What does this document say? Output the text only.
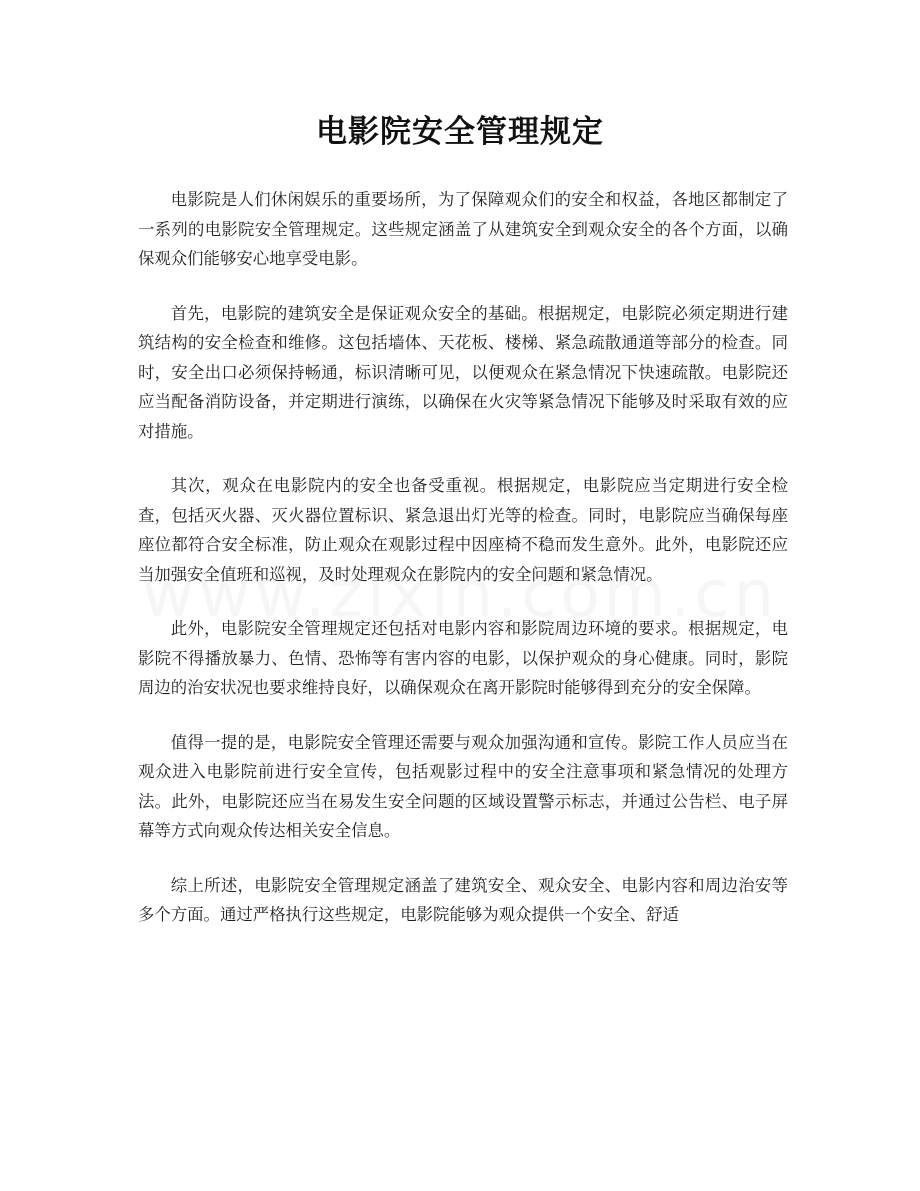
电影院安全管理规定

电影院是人们休闲娱乐的重要场所，为了保障观众们的安全和权益，各地区都制定了一系列的电影院安全管理规定。这些规定涵盖了从建筑安全到观众安全的各个方面，以确保观众们能够安心地享受电影。

首先，电影院的建筑安全是保证观众安全的基础。根据规定，电影院必须定期进行建筑结构的安全检查和维修。这包括墙体、天花板、楼梯、紧急疏散通道等部分的检查。同时，安全出口必须保持畅通，标识清晰可见，以便观众在紧急情况下快速疏散。电影院还应当配备消防设备，并定期进行演练，以确保在火灾等紧急情况下能够及时采取有效的应对措施。

其次，观众在电影院内的安全也备受重视。根据规定，电影院应当定期进行安全检查，包括灭火器、灭火器位置标识、紧急退出灯光等的检查。同时，电影院应当确保每座座位都符合安全标准，防止观众在观影过程中因座椅不稳而发生意外。此外，电影院还应当加强安全值班和巡视，及时处理观众在影院内的安全问题和紧急情况。

此外，电影院安全管理规定还包括对电影内容和影院周边环境的要求。根据规定，电影院不得播放暴力、色情、恐怖等有害内容的电影，以保护观众的身心健康。同时，影院周边的治安状况也要求维持良好，以确保观众在离开影院时能够得到充分的安全保障。

值得一提的是，电影院安全管理还需要与观众加强沟通和宣传。影院工作人员应当在观众进入电影院前进行安全宣传，包括观影过程中的安全注意事项和紧急情况的处理方法。此外，电影院还应当在易发生安全问题的区域设置警示标志，并通过公告栏、电子屏幕等方式向观众传达相关安全信息。

综上所述，电影院安全管理规定涵盖了建筑安全、观众安全、电影内容和周边治安等多个方面。通过严格执行这些规定，电影院能够为观众提供一个安全、舒适
